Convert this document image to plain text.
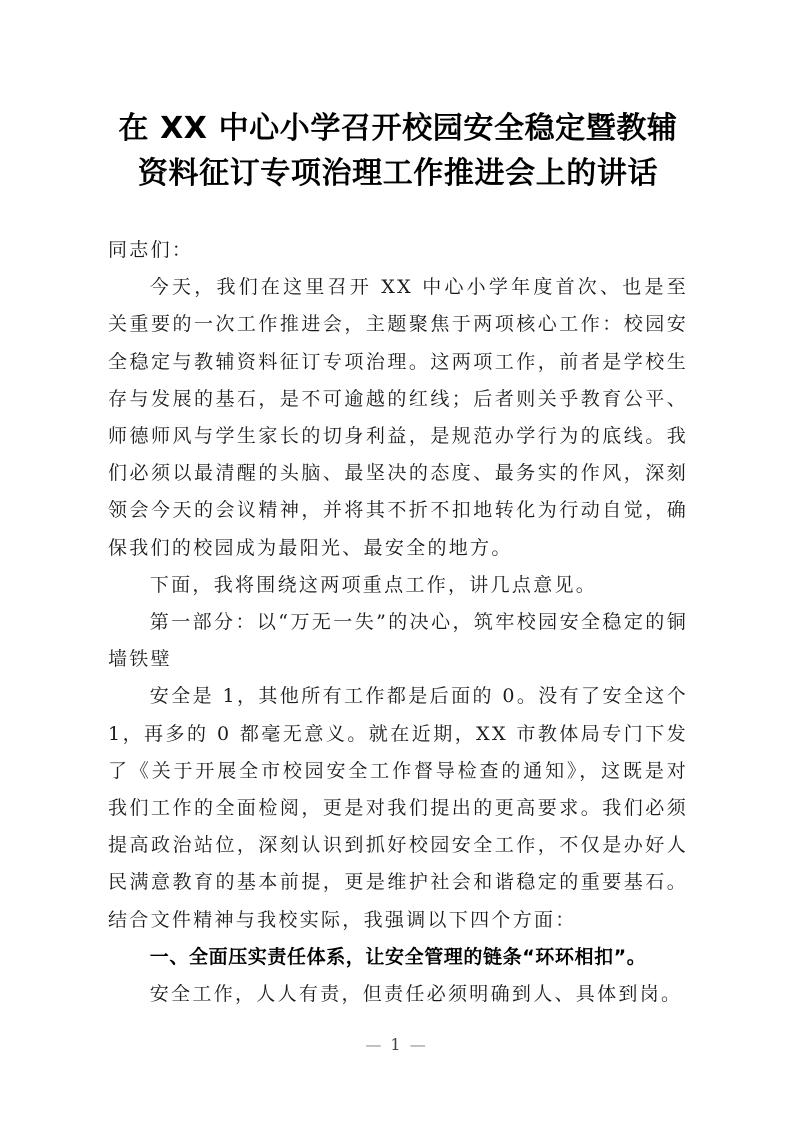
在 XX 中心小学召开校园安全稳定暨教辅
资料征订专项治理工作推进会上的讲话

同志们：

今天，我们在这里召开 XX 中心小学年度首次、也是至关重要的一次工作推进会，主题聚焦于两项核心工作：校园安全稳定与教辅资料征订专项治理。这两项工作，前者是学校生存与发展的基石，是不可逾越的红线；后者则关乎教育公平、师德师风与学生家长的切身利益，是规范办学行为的底线。我们必须以最清醒的头脑、最坚决的态度、最务实的作风，深刻领会今天的会议精神，并将其不折不扣地转化为行动自觉，确保我们的校园成为最阳光、最安全的地方。

下面，我将围绕这两项重点工作，讲几点意见。

第一部分：以“万无一失”的决心，筑牢校园安全稳定的铜墙铁壁

安全是 1，其他所有工作都是后面的 0。没有了安全这个 1，再多的 0 都毫无意义。就在近期，XX 市教体局专门下发了《关于开展全市校园安全工作督导检查的通知》，这既是对我们工作的全面检阅，更是对我们提出的更高要求。我们必须提高政治站位，深刻认识到抓好校园安全工作，不仅是办好人民满意教育的基本前提，更是维护社会和谐稳定的重要基石。结合文件精神与我校实际，我强调以下四个方面：

一、全面压实责任体系，让安全管理的链条“环环相扣”。

安全工作，人人有责，但责任必须明确到人、具体到岗。

— 1 —
